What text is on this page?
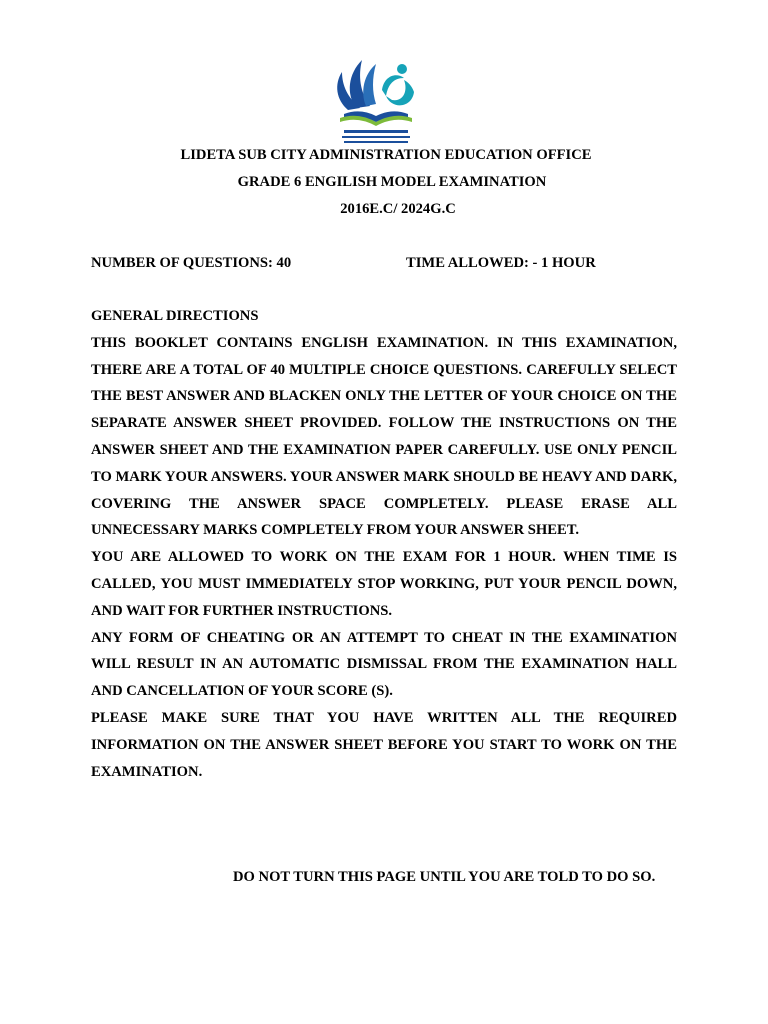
LIDETA SUB CITY ADMINISTRATION EDUCATION OFFICE
GRADE 6 ENGILISH MODEL EXAMINATION
2016E.C/ 2024G.C
NUMBER OF QUESTIONS: 40	TIME ALLOWED: - 1 HOUR

GENERAL DIRECTIONS

THIS BOOKLET CONTAINS ENGLISH EXAMINATION. IN THIS EXAMINATION, THERE ARE A TOTAL OF 40 MULTIPLE CHOICE QUESTIONS. CAREFULLY SELECT THE BEST ANSWER AND BLACKEN ONLY THE LETTER OF YOUR CHOICE ON THE SEPARATE ANSWER SHEET PROVIDED. FOLLOW THE INSTRUCTIONS ON THE ANSWER SHEET AND THE EXAMINATION PAPER CAREFULLY. USE ONLY PENCIL TO MARK YOUR ANSWERS. YOUR ANSWER MARK SHOULD BE HEAVY AND DARK, COVERING THE ANSWER SPACE COMPLETELY. PLEASE ERASE ALL UNNECESSARY MARKS COMPLETELY FROM YOUR ANSWER SHEET.

YOU ARE ALLOWED TO WORK ON THE EXAM FOR 1 HOUR. WHEN TIME IS CALLED, YOU MUST IMMEDIATELY STOP WORKING, PUT YOUR PENCIL DOWN, AND WAIT FOR FURTHER INSTRUCTIONS.

ANY FORM OF CHEATING OR AN ATTEMPT TO CHEAT IN THE EXAMINATION WILL RESULT IN AN AUTOMATIC DISMISSAL FROM THE EXAMINATION HALL AND CANCELLATION OF YOUR SCORE (S).

PLEASE MAKE SURE THAT YOU HAVE WRITTEN ALL THE REQUIRED INFORMATION ON THE ANSWER SHEET BEFORE YOU START TO WORK ON THE EXAMINATION.

DO NOT TURN THIS PAGE UNTIL YOU ARE TOLD TO DO SO.
